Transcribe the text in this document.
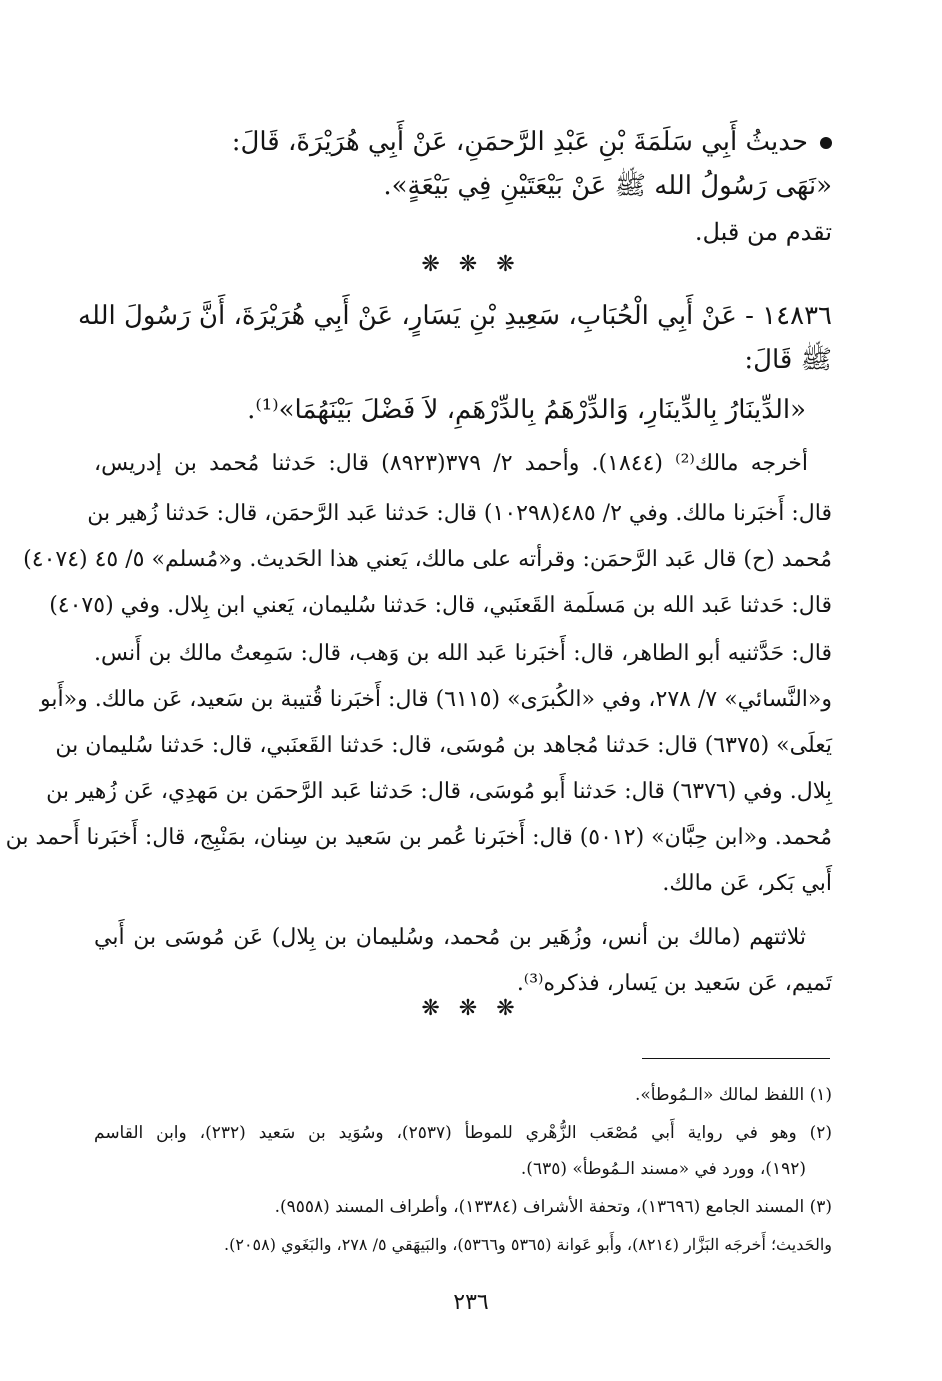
حديثُ أَبِي سَلَمَةَ بْنِ عَبْدِ الرَّحمَنِ، عَنْ أَبِي هُرَيْرَةَ، قَالَ:
«نَهَى رَسُولُ الله ﷺ عَنْ بَيْعَتَيْنِ فِي بَيْعَةٍ».
تقدم من قبل.
❋ ❋ ❋
١٤٨٣٦ - عَنْ أَبِي الْحُبَابِ، سَعِيدِ بْنِ يَسَارٍ، عَنْ أَبِي هُرَيْرَةَ، أَنَّ رَسُولَ الله
ﷺ قَالَ:
«الدِّينَارُ بِالدِّينَارِ، وَالدِّرْهَمُ بِالدِّرْهَمِ، لاَ فَضْلَ بَيْنَهُمَا»⁽¹⁾.
أخرجه مالك⁽²⁾ (١٨٤٤). وأحمد ٢/ ٣٧٩(٨٩٢٣) قال: حَدثنا مُحمد بن إدريس،
قال: أَخبَرنا مالك. وفي ٢/ ٤٨٥(١٠٢٩٨) قال: حَدثنا عَبد الرَّحمَن، قال: حَدثنا زُهير بن
مُحمد (ح) قال عَبد الرَّحمَن: وقرأته على مالك، يَعني هذا الحَديث. و«مُسلم» ٥/ ٤٥ (٤٠٧٤)
قال: حَدثنا عَبد الله بن مَسلَمة القَعنَبي، قال: حَدثنا سُليمان، يَعني ابن بِلال. وفي (٤٠٧٥)
قال: حَدَّثنيه أبو الطاهر، قال: أَخبَرنا عَبد الله بن وَهب، قال: سَمِعتُ مالك بن أَنس.
و«النَّسائي» ٧/ ٢٧٨، وفي «الكُبرَى» (٦١١٥) قال: أَخبَرنا قُتيبة بن سَعيد، عَن مالك. و«أَبو
يَعلَى» (٦٣٧٥) قال: حَدثنا مُجاهد بن مُوسَى، قال: حَدثنا القَعنَبي، قال: حَدثنا سُليمان بن
بِلال. وفي (٦٣٧٦) قال: حَدثنا أَبو مُوسَى، قال: حَدثنا عَبد الرَّحمَن بن مَهدِي، عَن زُهير بن
مُحمد. و«ابن حِبَّان» (٥٠١٢) قال: أَخبَرنا عُمر بن سَعيد بن سِنان، بمَنْبِج، قال: أَخبَرنا أَحمد بن
أَبي بَكر، عَن مالك.
ثلاثتهم (مالك بن أنس، وزُهَير بن مُحمد، وسُليمان بن بِلال) عَن مُوسَى بن أَبي
تَميم، عَن سَعيد بن يَسار، فذكره⁽³⁾.
❋ ❋ ❋
(١) اللفظ لمالك «الـمُوطأ».
(٢) وهو في رواية أَبي مُصْعَب الزُّهْري للموطأ (٢٥٣٧)، وسُوَيد بن سَعيد (٢٣٢)، وابن القاسم
(١٩٢)، وورد في «مسند الـمُوطأ» (٦٣٥).
(٣) المسند الجامع (١٣٦٩٦)، وتحفة الأشراف (١٣٣٨٤)، وأطراف المسند (٩٥٥٨).
والحَديث؛ أَخرجَه البَزَّار (٨٢١٤)، وأَبو عَوانة (٥٣٦٥ و٥٣٦٦)، والبَيهَقي ٥/ ٢٧٨، والبَغَوي (٢٠٥٨).
٢٣٦
